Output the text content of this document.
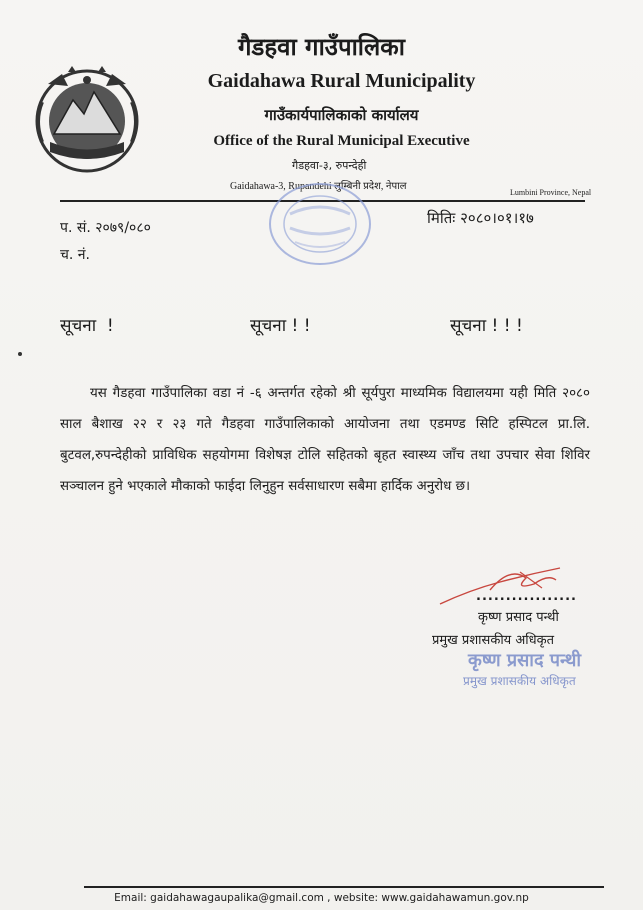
गैडहवा गाउँपालिका
Gaidahawa Rural Municipality
गाउँकार्यपालिकाको कार्यालय
Office of the Rural Municipal Executive
गैडहवा-३, रुपन्देही
Gaidahawa-3, Rupandehi लुम्बिनी प्रदेश, नेपाल
Lumbini Province, Nepal
प. सं. २०७९/०८०
च. नं.
मितिः २०८०।०१।१७
सूचना  !	सूचना ! !	सूचना ! ! !
यस गैडहवा गाउँपालिका वडा नं -६ अन्तर्गत रहेको श्री सूर्यपुरा माध्यमिक विद्यालयमा यही मिति २०८० साल बैशाख २२ र २३ गते गैडहवा गाउँपालिकाको आयोजना तथा एडमण्ड सिटि हस्पिटल प्रा.लि. बुटवल,रुपन्देहीको प्राविधिक सहयोगमा विशेषज्ञ टोलि सहितको बृहत स्वास्थ्य जाँच तथा उपचार सेवा शिविर सञ्चालन हुने भएकाले मौकाको फाईदा लिनुहुन सर्वसाधारण सबैमा हार्दिक अनुरोध छ।
.................
कृष्ण प्रसाद पन्थी
प्रमुख प्रशासकीय अधिकृत
कृष्ण प्रसाद पन्थी
प्रमुख प्रशासकीय अधिकृत
Email: gaidahawagaupalika@gmail.com , website: www.gaidahawamun.gov.np
